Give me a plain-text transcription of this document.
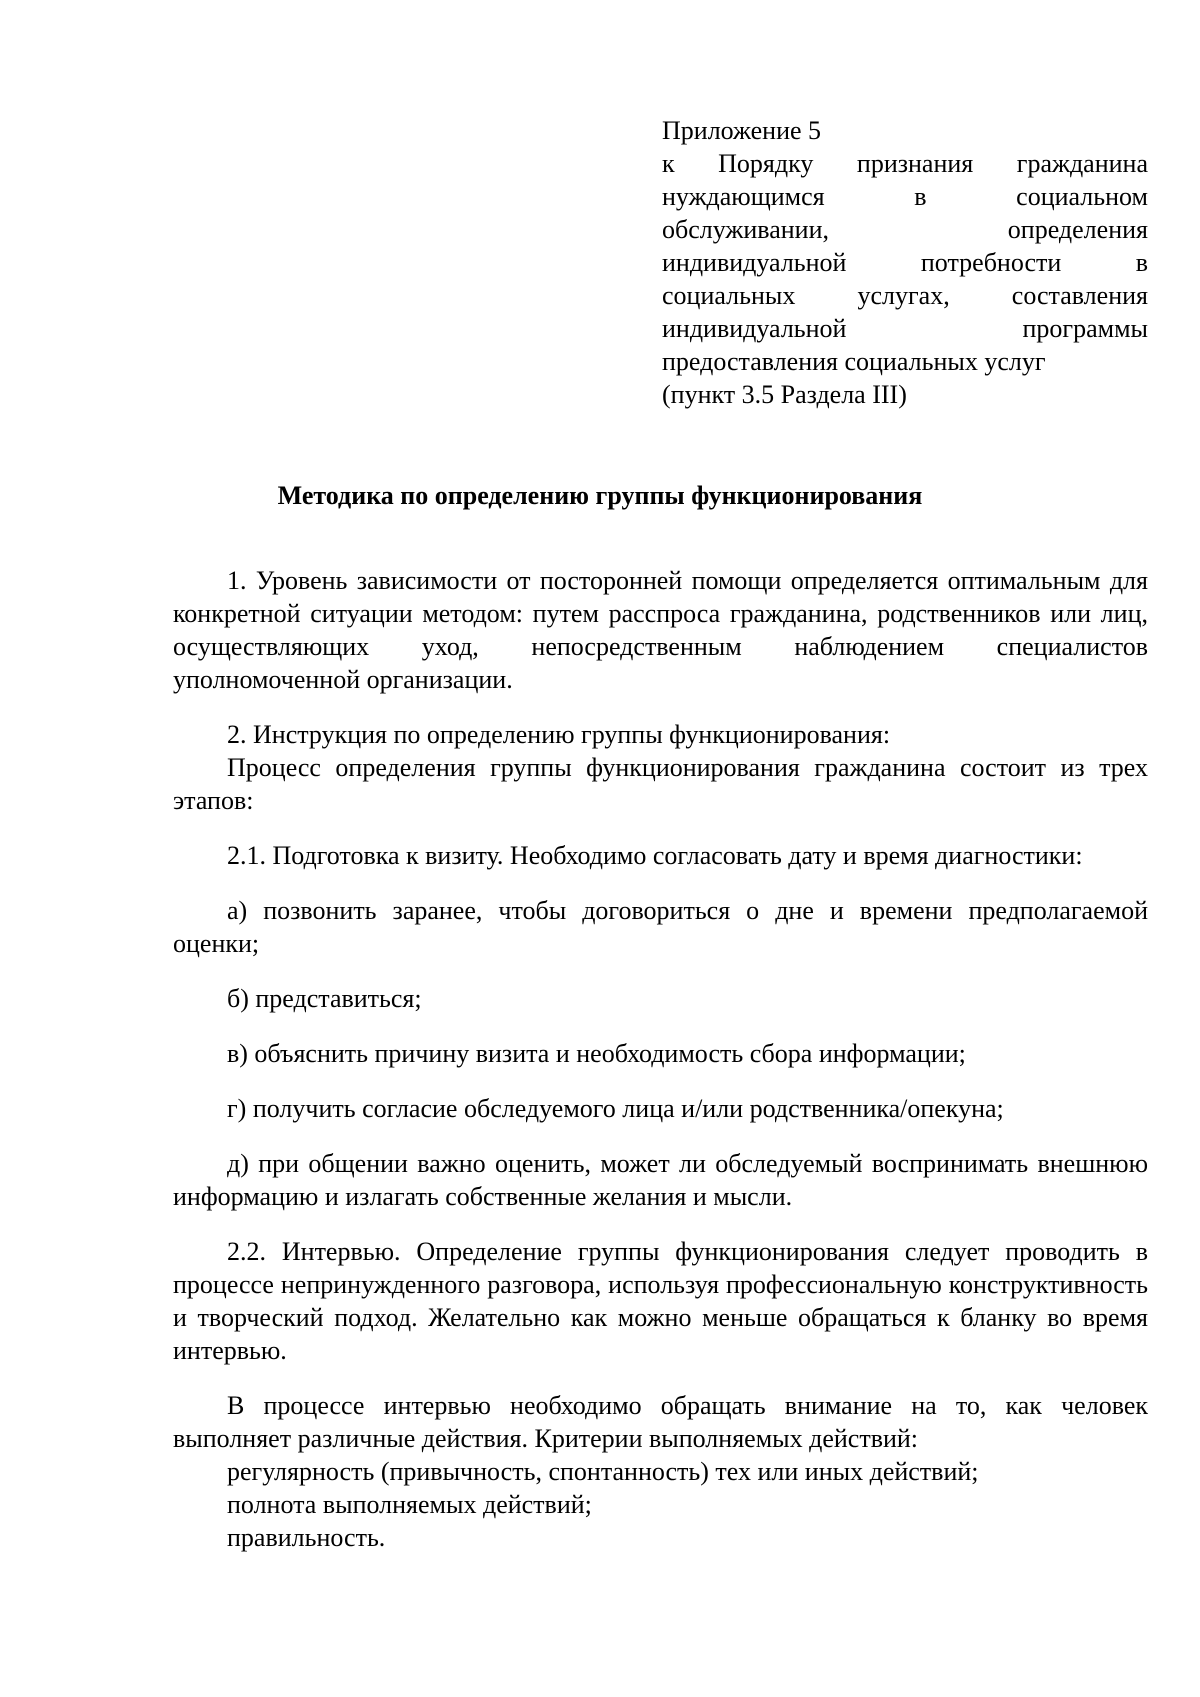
Приложение 5
к Порядку признания гражданина нуждающимся в социальном обслуживании, определения индивидуальной потребности в социальных услугах, составления индивидуальной программы предоставления социальных услуг
(пункт 3.5 Раздела III)
Методика по определению группы функционирования

1. Уровень зависимости от посторонней помощи определяется оптимальным для конкретной ситуации методом: путем расспроса гражданина, родственников или лиц, осуществляющих уход, непосредственным наблюдением специалистов уполномоченной организации.

2. Инструкция по определению группы функционирования:

Процесс определения группы функционирования гражданина состоит из трех этапов:

2.1. Подготовка к визиту. Необходимо согласовать дату и время диагностики:

а) позвонить заранее, чтобы договориться о дне и времени предполагаемой оценки;

б) представиться;

в) объяснить причину визита и необходимость сбора информации;

г) получить согласие обследуемого лица и/или родственника/опекуна;

д) при общении важно оценить, может ли обследуемый воспринимать внешнюю информацию и излагать собственные желания и мысли.

2.2. Интервью. Определение группы функционирования следует проводить в процессе непринужденного разговора, используя профессиональную конструктивность и творческий подход. Желательно как можно меньше обращаться к бланку во время интервью.

В процессе интервью необходимо обращать внимание на то, как человек выполняет различные действия. Критерии выполняемых действий:

регулярность (привычность, спонтанность) тех или иных действий;

полнота выполняемых действий;

правильность.
